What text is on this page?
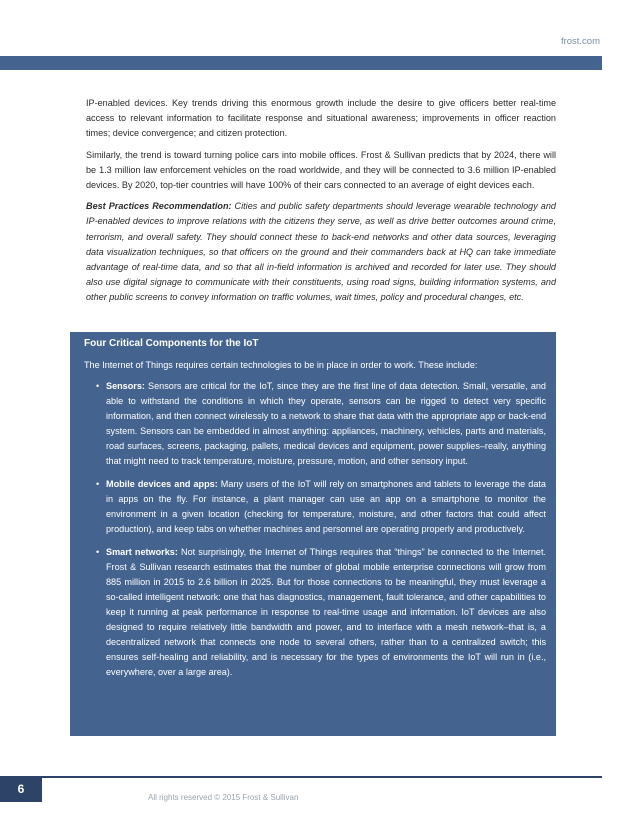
frost.com

IP-enabled devices. Key trends driving this enormous growth include the desire to give officers better real-time access to relevant information to facilitate response and situational awareness; improvements in officer reaction times; device convergence; and citizen protection.

Similarly, the trend is toward turning police cars into mobile offices. Frost & Sullivan predicts that by 2024, there will be 1.3 million law enforcement vehicles on the road worldwide, and they will be connected to 3.6 million IP-enabled devices. By 2020, top-tier countries will have 100% of their cars connected to an average of eight devices each.

Best Practices Recommendation: Cities and public safety departments should leverage wearable technology and IP-enabled devices to improve relations with the citizens they serve, as well as drive better outcomes around crime, terrorism, and overall safety. They should connect these to back-end networks and other data sources, leveraging data visualization techniques, so that officers on the ground and their commanders back at HQ can take immediate advantage of real-time data, and so that all in-field information is archived and recorded for later use. They should also use digital signage to communicate with their constituents, using road signs, building information systems, and other public screens to convey information on traffic volumes, wait times, policy and procedural changes, etc.

Four Critical Components for the IoT
The Internet of Things requires certain technologies to be in place in order to work. These include:
• Sensors: Sensors are critical for the IoT, since they are the first line of data detection. Small, versatile, and able to withstand the conditions in which they operate, sensors can be rigged to detect very specific information, and then connect wirelessly to a network to share that data with the appropriate app or back-end system. Sensors can be embedded in almost anything: appliances, machinery, vehicles, parts and materials, road surfaces, screens, packaging, pallets, medical devices and equipment, power supplies–really, anything that might need to track temperature, moisture, pressure, motion, and other sensory input.
• Mobile devices and apps: Many users of the IoT will rely on smartphones and tablets to leverage the data in apps on the fly. For instance, a plant manager can use an app on a smartphone to monitor the environment in a given location (checking for temperature, moisture, and other factors that could affect production), and keep tabs on whether machines and personnel are operating properly and productively.
• Smart networks: Not surprisingly, the Internet of Things requires that “things” be connected to the Internet. Frost & Sullivan research estimates that the number of global mobile enterprise connections will grow from 885 million in 2015 to 2.6 billion in 2025. But for those connections to be meaningful, they must leverage a so-called intelligent network: one that has diagnostics, management, fault tolerance, and other capabilities to keep it running at peak performance in response to real-time usage and information. IoT devices are also designed to require relatively little bandwidth and power, and to interface with a mesh network–that is, a decentralized network that connects one node to several others, rather than to a centralized switch; this ensures self-healing and reliability, and is necessary for the types of environments the IoT will run in (i.e., everywhere, over a large area).
6
All rights reserved © 2015 Frost & Sullivan
